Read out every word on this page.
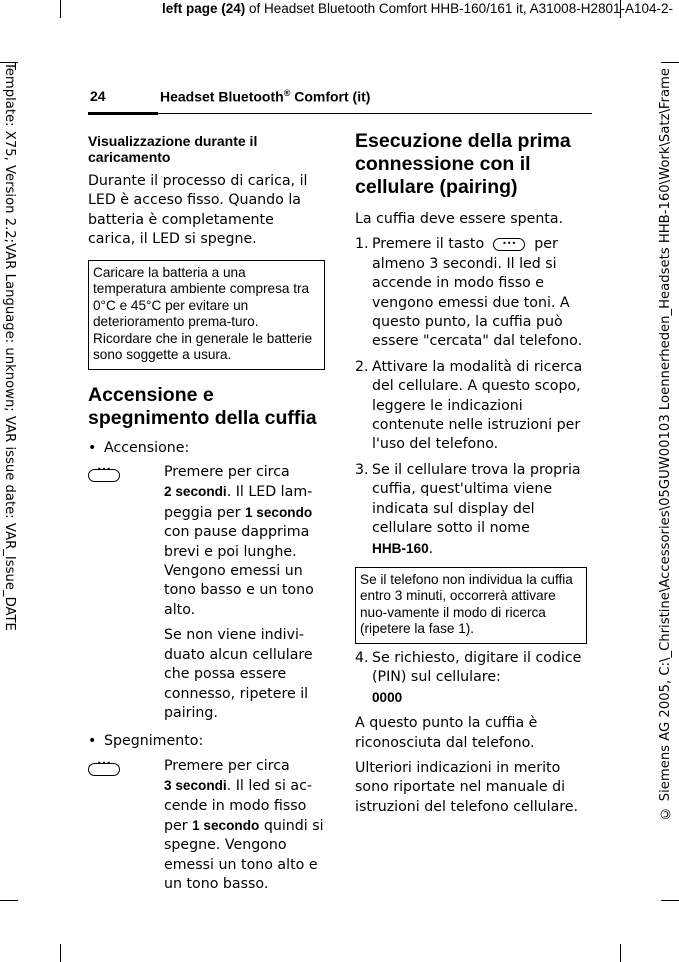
left page (24) of Headset Bluetooth Comfort HHB-160/161 it, A31008-H2801-A104-2-
Template: X75, Version 2.2;VAR Language: unknown; VAR issue date: VAR_Issue_DATE	© Siemens AG 2005, C:\_Christine\Accessories\05GUW00103 Loennerheden_Headsets HHB-160\Work\Satz\Frame
24	Headset Bluetooth® Comfort (it)
Visualizzazione durante il caricamento
Durante il processo di carica, il LED è acceso fisso. Quando la batteria è completamente carica, il LED si spegne.
Caricare la batteria a una temperatura ambiente compresa tra 0°C e 45°C per evitare un deterioramento prema-turo. Ricordare che in generale le batterie sono soggette a usura.
Accensione e spegnimento della cuffia
• Accensione:
•••
Premere per circa
2 secondi. Il LED lam-peggia per 1 secondo con pause dapprima brevi e poi lunghe. Vengono emessi un tono basso e un tono alto.
Se non viene indivi-duato alcun cellulare che possa essere connesso, ripetere il pairing.
• Spegnimento:
•••
Premere per circa
3 secondi. Il led si ac-cende in modo fisso per 1 secondo quindi si spegne. Vengono emessi un tono alto e un tono basso.
Esecuzione della prima connessione con il cellulare (pairing)
La cuffia deve essere spenta.
1. Premere il tasto  •••	per almeno 3 secondi. Il led si accende in modo fisso e vengono emessi due toni. A questo punto, la cuffia può essere "cercata" dal telefono.
2. Attivare la modalità di ricerca del cellulare. A questo scopo, leggere le indicazioni contenute nelle istruzioni per l'uso del telefono.
3. Se il cellulare trova la propria cuffia, quest'ultima viene indicata sul display del cellulare sotto il nome
HHB-160.
Se il telefono non individua la cuffia entro 3 minuti, occorrerà attivare nuo-vamente il modo di ricerca (ripetere la fase 1).
4. Se richiesto, digitare il codice (PIN) sul cellulare:
0000
A questo punto la cuffia è riconosciuta dal telefono.
Ulteriori indicazioni in merito sono riportate nel manuale di istruzioni del telefono cellulare.
